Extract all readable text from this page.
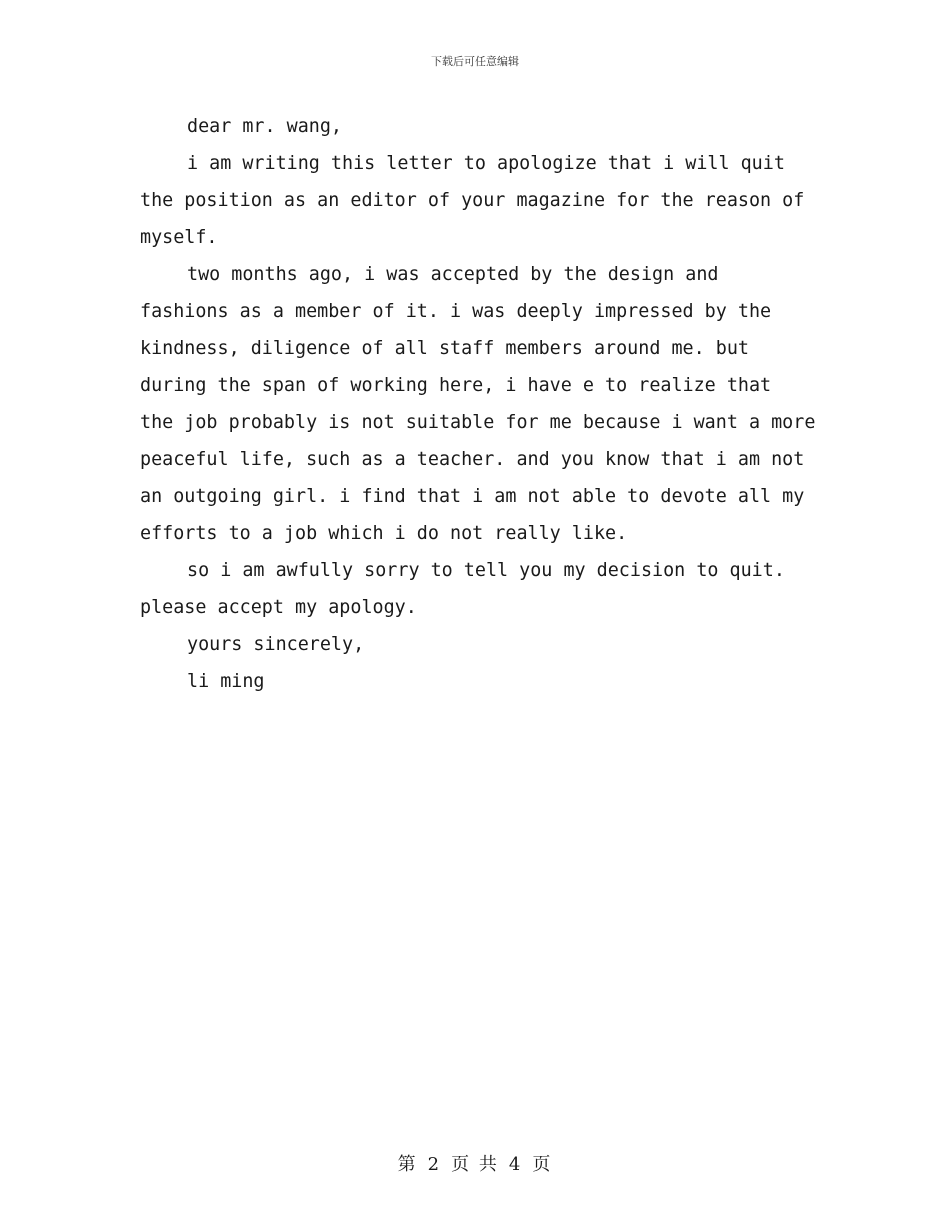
下载后可任意编辑

dear mr. wang,

i am writing this letter to apologize that i will quit

the position as an editor of your magazine for the reason of

myself.

two months ago, i was accepted by the design and

fashions as a member of it. i was deeply impressed by the

kindness, diligence of all staff members around me. but

during the span of working here, i have e to realize that

the job probably is not suitable for me because i want a more

peaceful life, such as a teacher. and you know that i am not

an outgoing girl. i find that i am not able to devote all my

efforts to a job which i do not really like.

so i am awfully sorry to tell you my decision to quit.

please accept my apology.

yours sincerely,

li ming

第 2 页 共 4 页
